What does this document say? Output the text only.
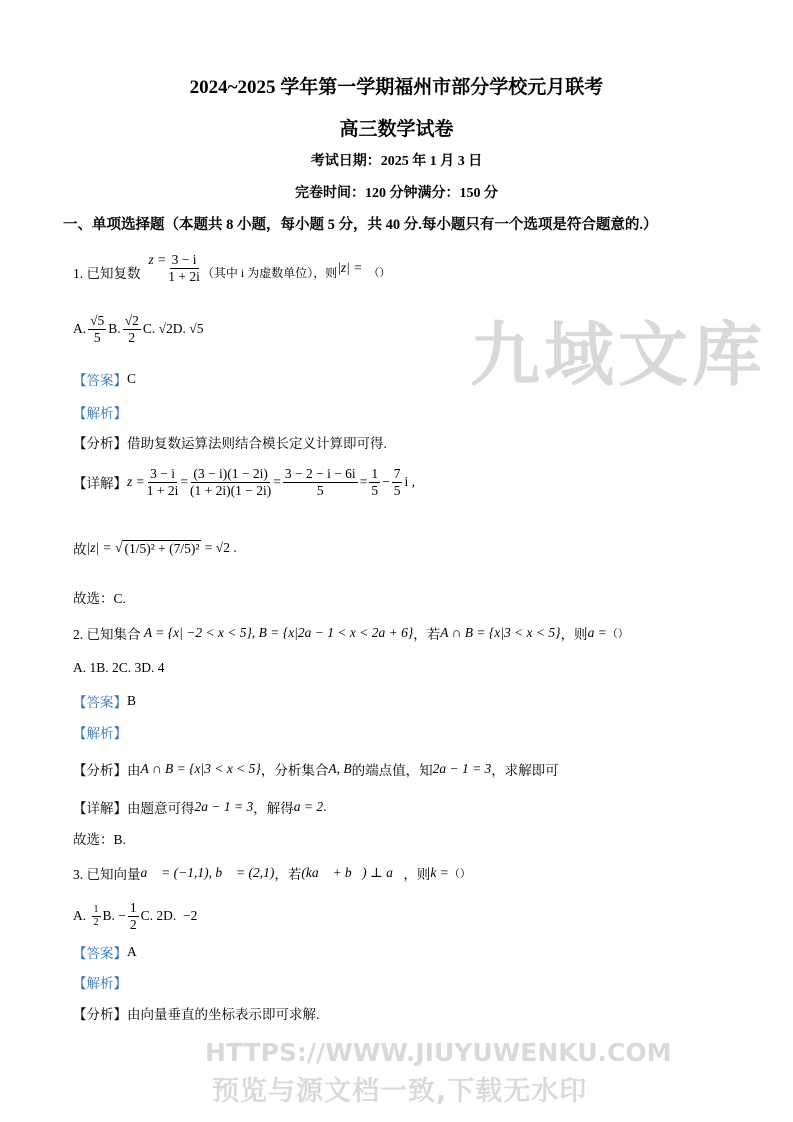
九域文库
HTTPS://WWW.JIUYUWENKU.COM
预览与源文档一致,下载无水印
2024~2025 学年第一学期福州市部分学校元月联考
高三数学试卷
考试日期：2025 年 1 月 3 日
完卷时间：120 分钟满分：150 分
一、单项选择题（本题共 8 小题，每小题 5 分，共 40 分.每小题只有一个选项是符合题意的.）
1. 已知复数
$z = \frac{3 - i}{1 + 2i}$ （其中 i 为虚数单位），则 |z| = （）
A. $\frac{√5}{5} B$. $\frac{√2}{2} C$.
√2 D.
√5
【答案】 C
【解析】
【分析】 借助复数运算法则结合模长定义计算即可得.
【详解】 $z = \frac{3 - i}{1 + 2i} = \frac{(3 - i)(1 - 2i)}{(1 + 2i)(1 - 2i)} = \frac{3 - 2 - i - 6i}{5} = \frac{1}{5} - \frac{7}{5}$ i ,
故 |z| = √ (1/5)² + (7/5)²
= √2 .
故选：C.
2. 已知集合
A = {x| −2 < x < 5}, B = {x|2a − 1 < x < 2a + 6} ，若 A ∩ B = {x|3 < x < 5} ，则 a = （）
A. 1B. 2C. 3D. 4
【答案】 B
【解析】
【分析】 由 A ∩ B = {x|3 < x < 5} ，分析集合 A, B 的端点值，知 2a − 1 = 3 ，求解即可
【详解】 由题意可得 2a − 1 = 3 ，解得 a = 2 .
故选：B.
3. 已知向量 a⃗ = (−1,1), b⃗ = (2,1) ，若 (ka⃗ + b⃗) ⊥ a⃗ ，则 k = （）
A.
$\frac{1}{2} B$.
− $\frac{1}{2} C$. 2D.
−2
【答案】 A
【解析】
【分析】 由向量垂直的坐标表示即可求解.
